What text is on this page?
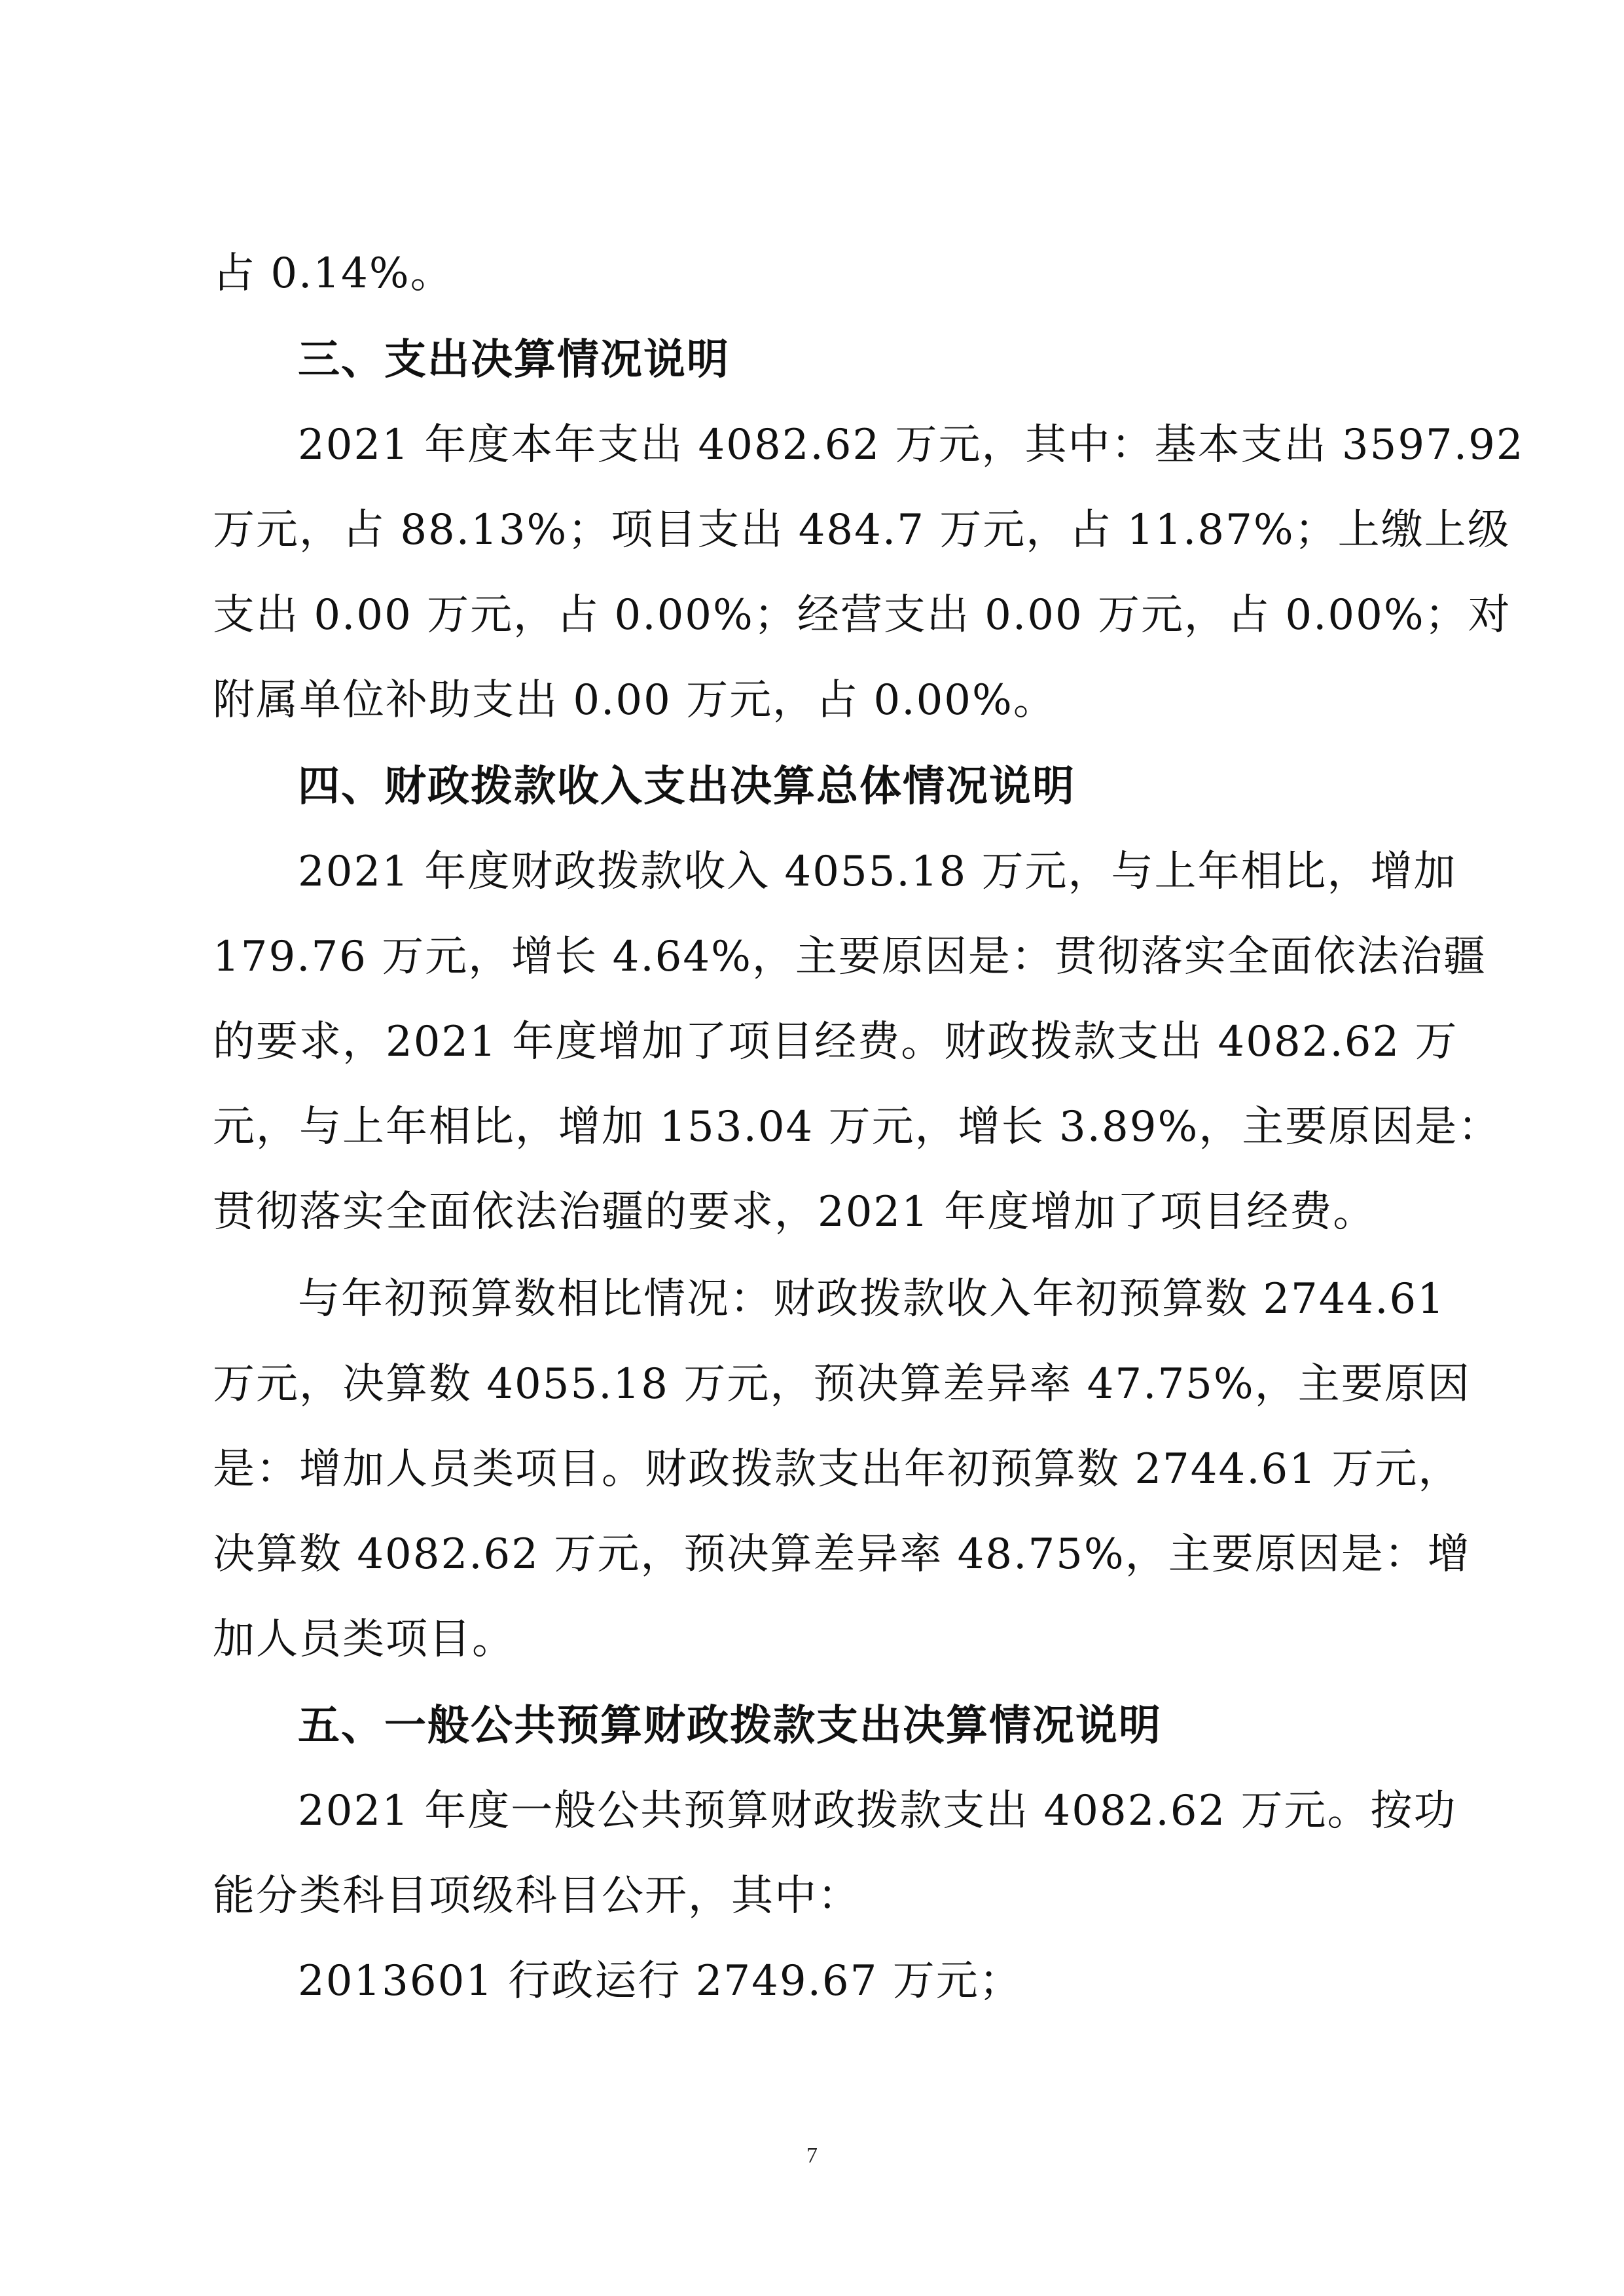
占 0.14%。
三、支出决算情况说明
2021 年度本年支出 4082.62 万元，其中：基本支出 3597.92
万元，占 88.13%；项目支出 484.7 万元，占 11.87%；上缴上级
支出 0.00 万元，占 0.00%；经营支出 0.00 万元，占 0.00%；对
附属单位补助支出 0.00 万元，占 0.00%。
四、财政拨款收入支出决算总体情况说明
2021 年度财政拨款收入 4055.18 万元，与上年相比，增加
179.76 万元，增长 4.64%，主要原因是：贯彻落实全面依法治疆
的要求，2021 年度增加了项目经费。财政拨款支出 4082.62 万
元，与上年相比，增加 153.04 万元，增长 3.89%，主要原因是：
贯彻落实全面依法治疆的要求，2021 年度增加了项目经费。
与年初预算数相比情况：财政拨款收入年初预算数 2744.61
万元，决算数 4055.18 万元，预决算差异率 47.75%，主要原因
是：增加人员类项目。财政拨款支出年初预算数 2744.61 万元，
决算数 4082.62 万元，预决算差异率 48.75%，主要原因是：增
加人员类项目。
五、一般公共预算财政拨款支出决算情况说明
2021 年度一般公共预算财政拨款支出 4082.62 万元。按功
能分类科目项级科目公开，其中：
2013601 行政运行 2749.67 万元；
7
